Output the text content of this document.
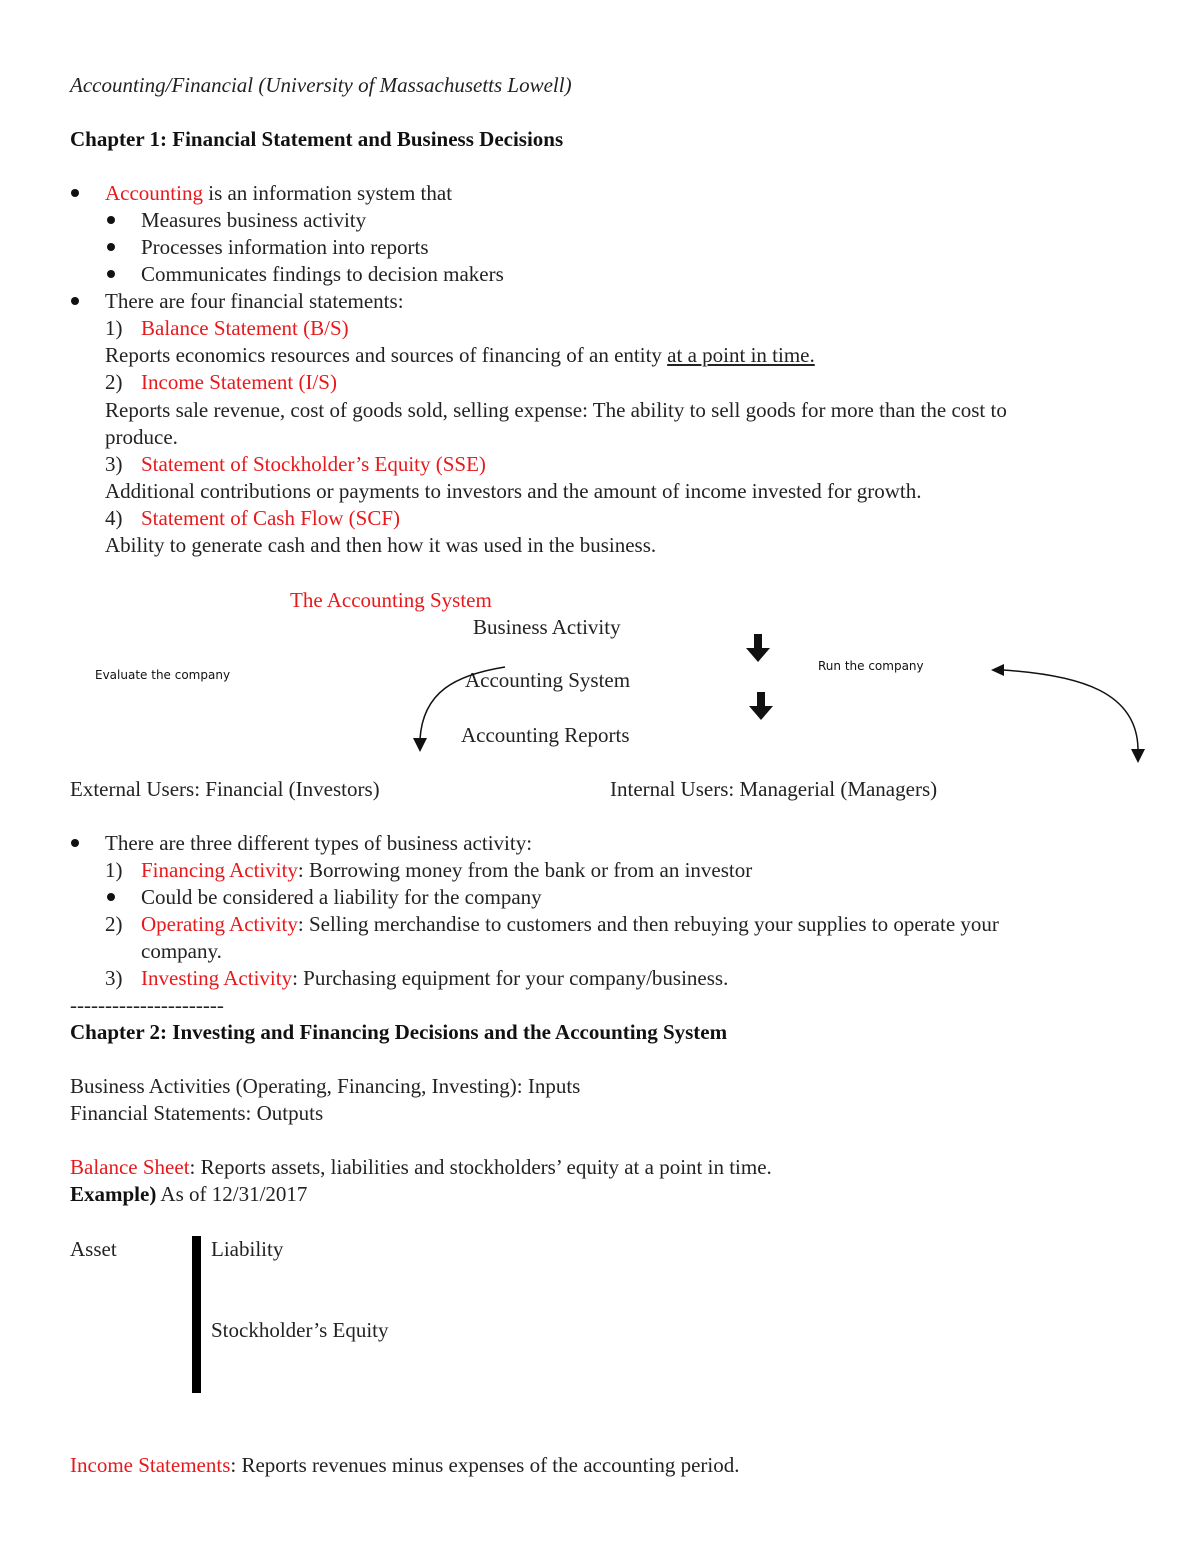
Accounting/Financial (University of Massachusetts Lowell)
Chapter 1: Financial Statement and Business Decisions
Accounting is an information system that
Measures business activity
Processes information into reports
Communicates findings to decision makers
There are four financial statements:
1) Balance Statement (B/S)
Reports economics resources and sources of financing of an entity at a point in time.
2) Income Statement (I/S)
Reports sale revenue, cost of goods sold, selling expense: The ability to sell goods for more than the cost to
produce.
3) Statement of Stockholder’s Equity (SSE)
Additional contributions or payments to investors and the amount of income invested for growth.
4) Statement of Cash Flow (SCF)
Ability to generate cash and then how it was used in the business.
The Accounting System
Business Activity
Accounting System
Accounting Reports
Evaluate the company
Run the company
External Users: Financial (Investors)	Internal Users: Managerial (Managers)
There are three different types of business activity:
1) Financing Activity: Borrowing money from the bank or from an investor
Could be considered a liability for the company
2) Operating Activity: Selling merchandise to customers and then rebuying your supplies to operate your
company.
3) Investing Activity: Purchasing equipment for your company/business.
----------------------
Chapter 2: Investing and Financing Decisions and the Accounting System
Business Activities (Operating, Financing, Investing): Inputs
Financial Statements: Outputs
Balance Sheet: Reports assets, liabilities and stockholders’ equity at a point in time.
Example) As of 12/31/2017
Asset	Liability
Stockholder’s Equity
Income Statements: Reports revenues minus expenses of the accounting period.
